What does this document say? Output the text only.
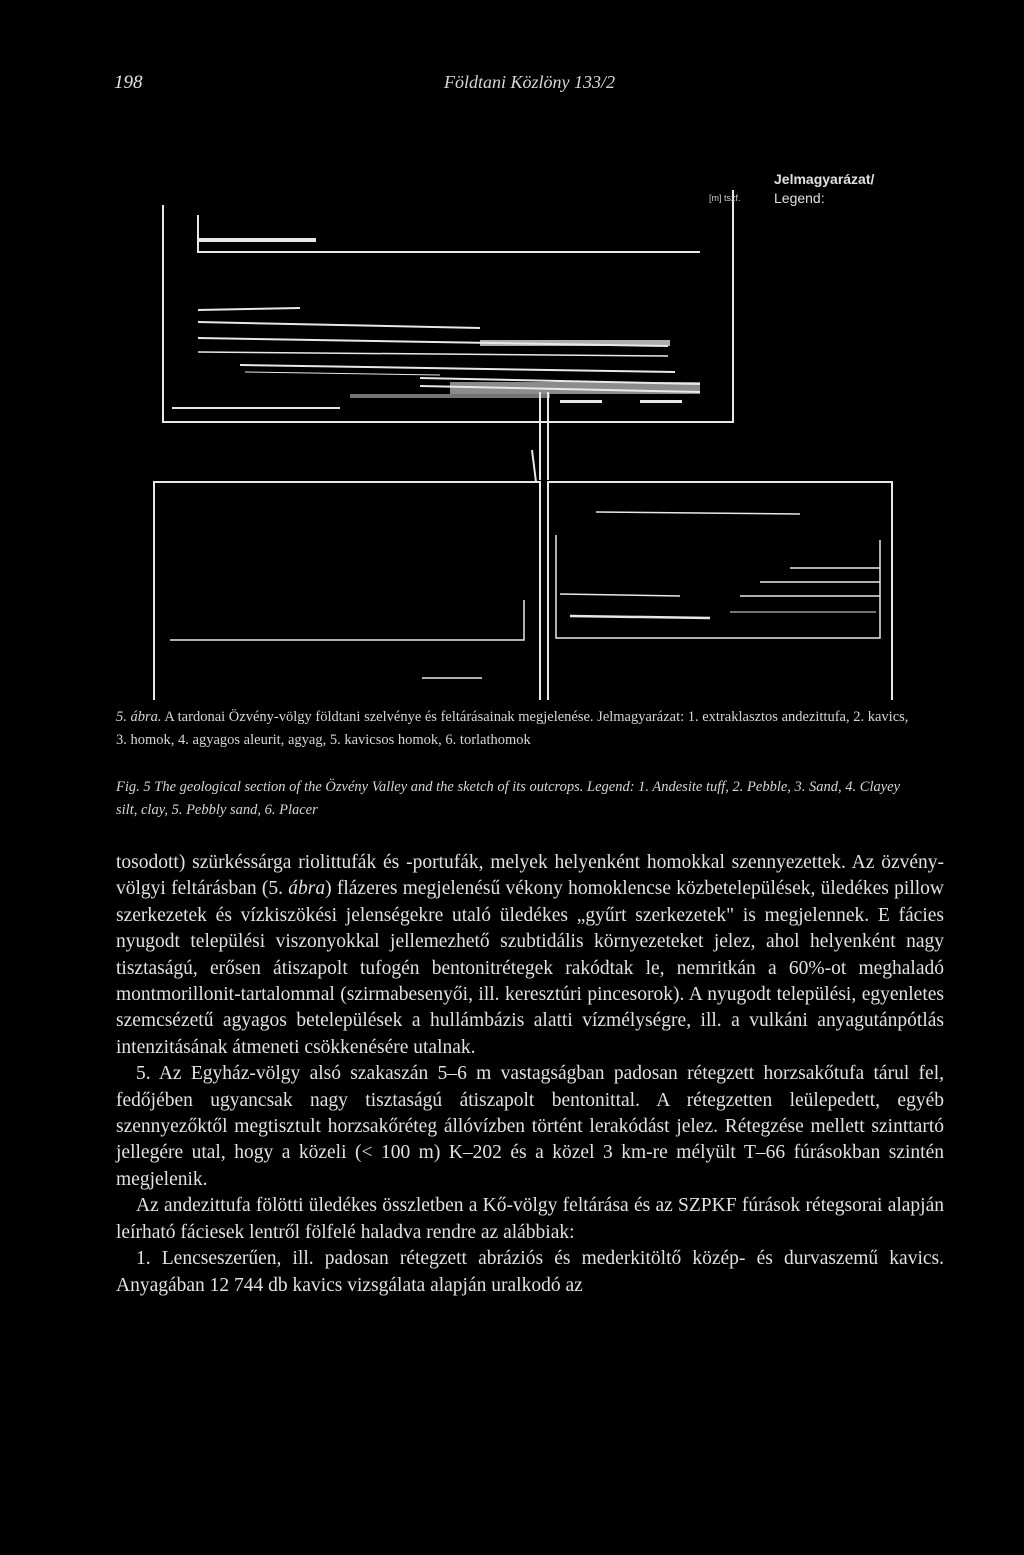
198	Földtani Közlöny 133/2
[m] tszf.
Jelmagyarázat/
Legend:

5. ábra. A tardonai Özvény-völgy földtani szelvénye és feltárásainak megjelenése. Jelmagyarázat: 1. extraklasztos andezittufa, 2. kavics, 3. homok, 4. agyagos aleurit, agyag, 5. kavicsos homok, 6. torlathomok

Fig. 5 The geological section of the Özvény Valley and the sketch of its outcrops. Legend: 1. Andesite tuff, 2. Pebble, 3. Sand, 4. Clayey silt, clay, 5. Pebbly sand, 6. Placer

tosodott) szürkéssárga riolittufák és -portufák, melyek helyenként homokkal szennyezettek. Az özvény-völgyi feltárásban (5. ábra) flázeres megjelenésű vékony homoklencse közbetelepülések, üledékes pillow szerkezetek és vízkiszökési jelenségekre utaló üledékes „gyűrt szerkezetek" is megjelennek. E fácies nyugodt települési viszonyokkal jellemezhető szubtidális környezeteket jelez, ahol helyenként nagy tisztaságú, erősen átiszapolt tufogén bentonitrétegek rakódtak le, nemritkán a 60%-ot meghaladó montmorillonit-tartalommal (szirmabesenyői, ill. keresztúri pincesorok). A nyugodt települési, egyenletes szemcsézetű agyagos betelepülések a hullámbázis alatti vízmélységre, ill. a vulkáni anyagutánpótlás intenzitásának átmeneti csökkenésére utalnak.

5. Az Egyház-völgy alsó szakaszán 5–6 m vastagságban padosan rétegzett horzsakőtufa tárul fel, fedőjében ugyancsak nagy tisztaságú átiszapolt bentonittal. A rétegzetten leülepedett, egyéb szennyezőktől megtisztult horzsakőréteg állóvízben történt lerakódást jelez. Rétegzése mellett szinttartó jellegére utal, hogy a közeli (< 100 m) K–202 és a közel 3 km-re mélyült T–66 fúrásokban szintén megjelenik.

Az andezittufa fölötti üledékes összletben a Kő-völgy feltárása és az SZPKF fúrások rétegsorai alapján leírható fáciesek lentről fölfelé haladva rendre az alábbiak:

1. Lencseszerűen, ill. padosan rétegzett abráziós és mederkitöltő közép- és durvaszemű kavics. Anyagában 12 744 db kavics vizsgálata alapján uralkodó az
